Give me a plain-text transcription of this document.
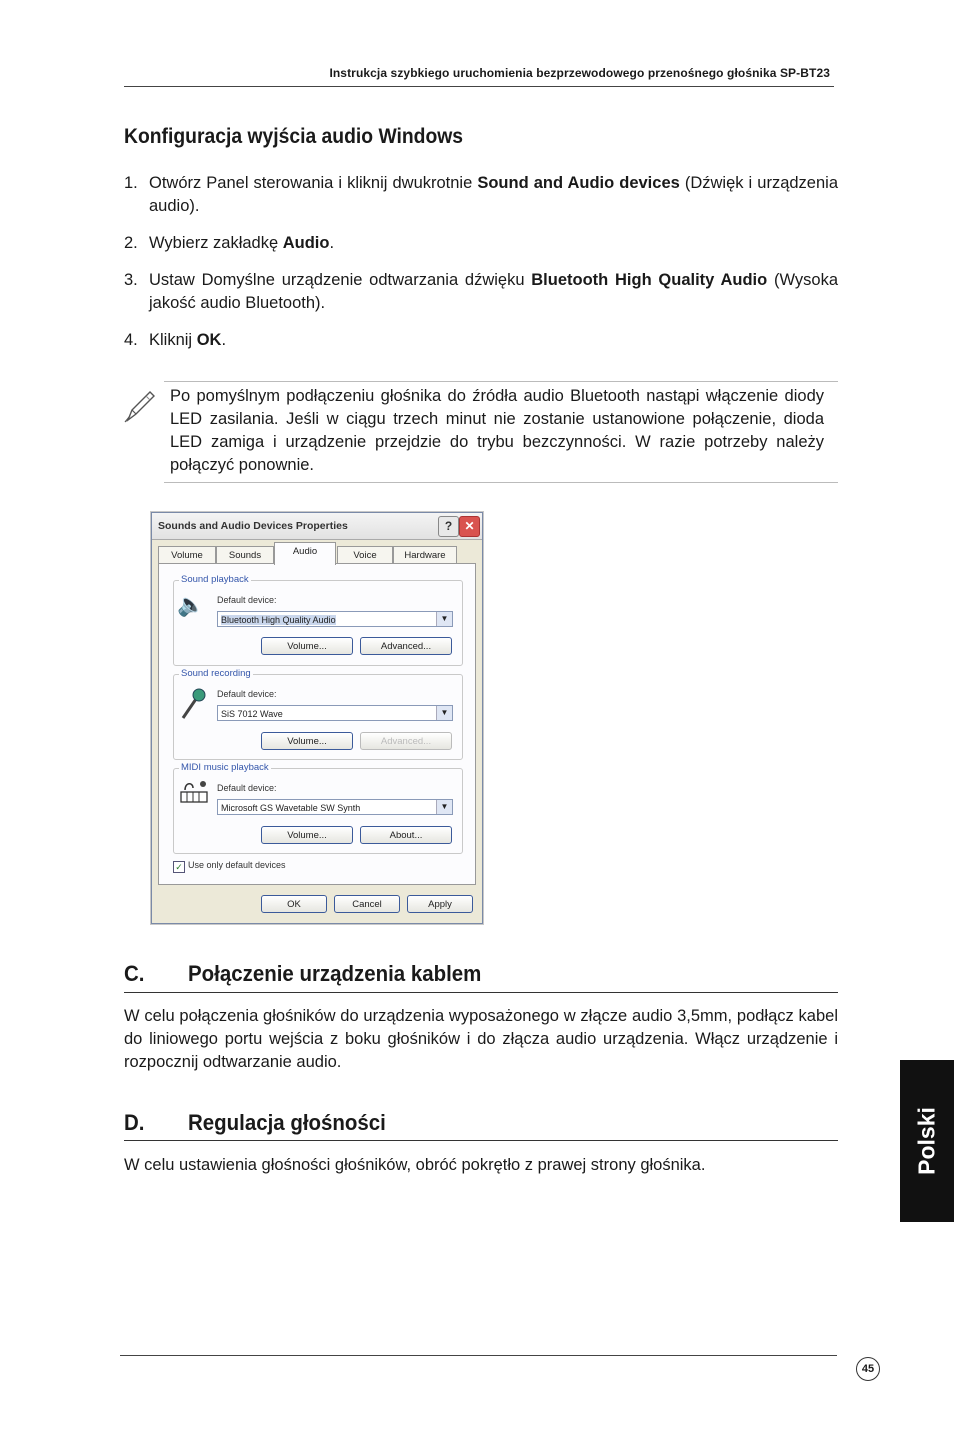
Instrukcja szybkiego uruchomienia bezprzewodowego przenośnego głośnika SP-BT23
Konfiguracja wyjścia audio Windows
1. Otwórz Panel sterowania i kliknij dwukrotnie Sound and Audio devices (Dźwięk i urządzenia audio).
2. Wybierz zakładkę Audio.
3. Ustaw Domyślne urządzenie odtwarzania dźwięku Bluetooth High Quality Audio (Wysoka jakość audio Bluetooth).
4. Kliknij OK.
Po pomyślnym podłączeniu głośnika do źródła audio Bluetooth nastąpi włączenie diody LED zasilania. Jeśli w ciągu trzech minut nie zostanie ustanowione połączenie, dioda LED zamiga i urządzenie przejdzie do trybu bezczynności. W razie potrzeby należy połączyć ponownie.
Sounds and Audio Devices Properties	?	✕
Volume	Sounds	Audio	Voice	Hardware
Sound playback
🔈 Default device:
Bluetooth High Quality Audio	▼
Volume...	Advanced...
Sound recording
Default device:
SiS 7012 Wave	▼
Volume...	Advanced...
MIDI music playback
Default device:
Microsoft GS Wavetable SW Synth	▼
Volume...	About...
✓ Use only default devices
OK	Cancel	Apply
C. Połączenie urządzenia kablem
W celu połączenia głośników do urządzenia wyposażonego w złącze audio 3,5mm, podłącz kabel do liniowego portu wejścia z boku głośników i do złącza audio urządzenia. Włącz urządzenie i rozpocznij odtwarzanie audio.
D. Regulacja głośności
W celu ustawienia głośności głośników, obróć pokrętło z prawej strony głośnika.	Polski
45
